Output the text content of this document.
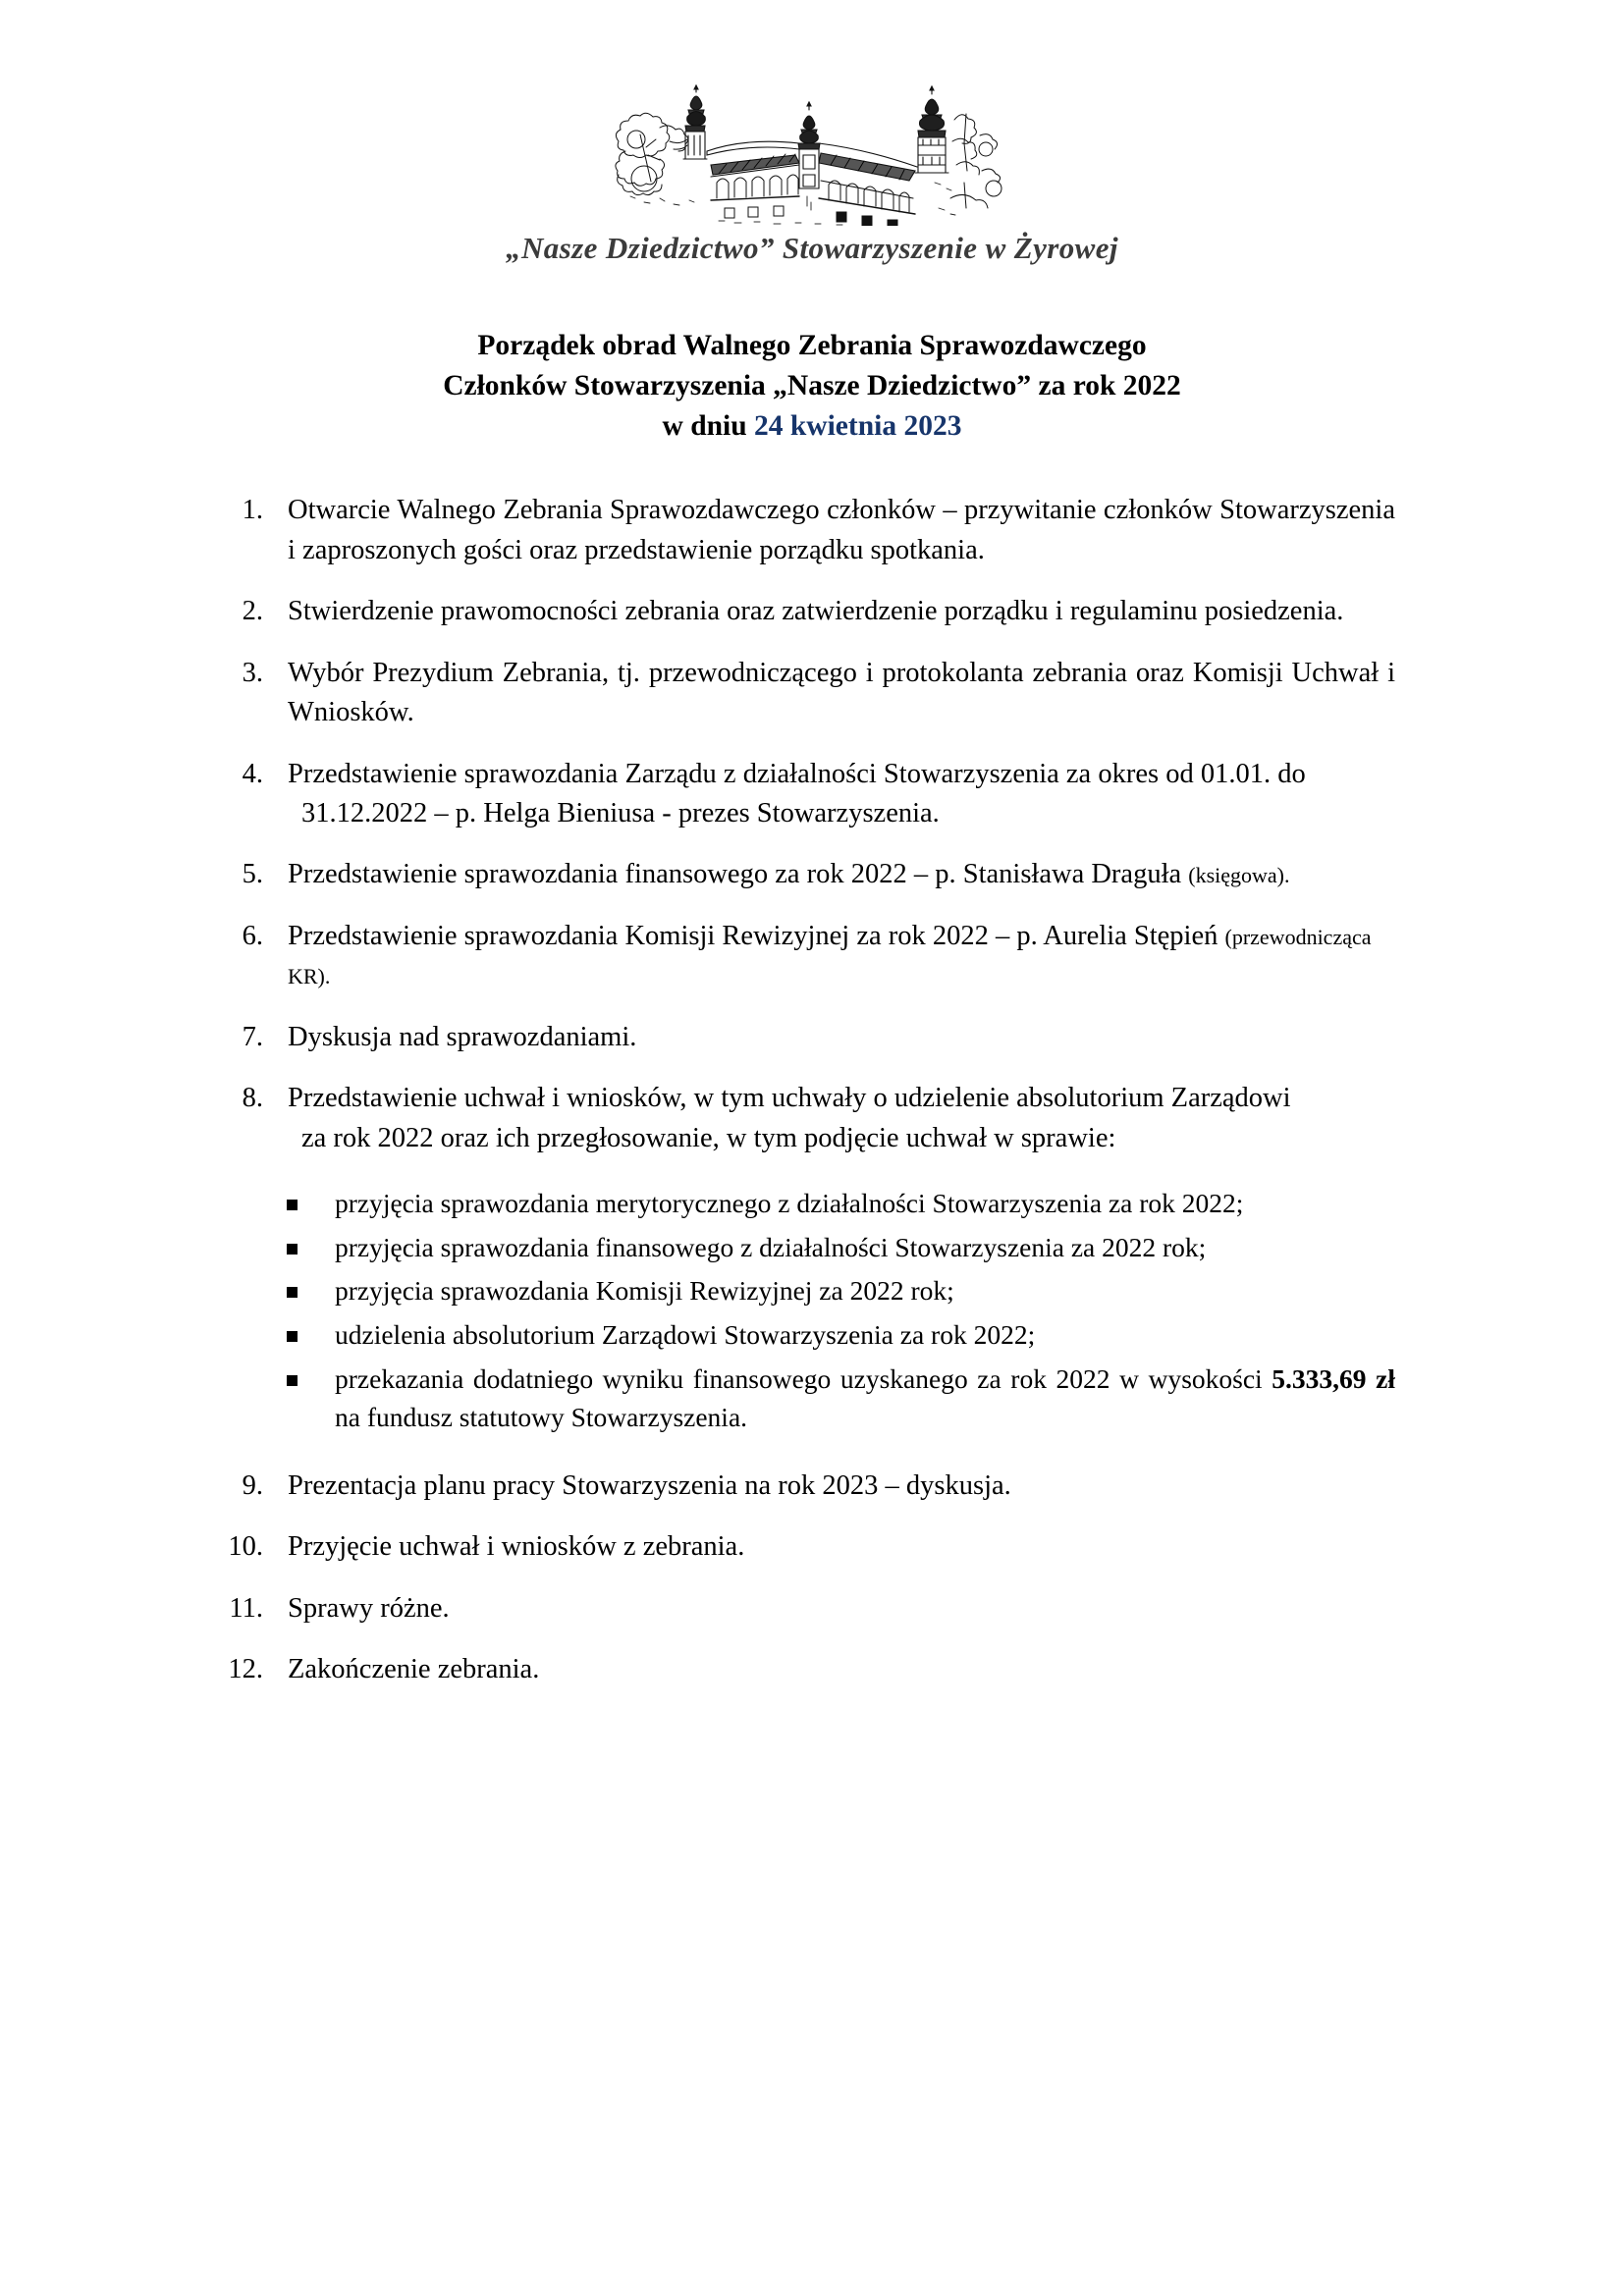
„Nasze Dziedzictwo” Stowarzyszenie w Żyrowej
Porządek obrad Walnego Zebrania Sprawozdawczego
Członków Stowarzyszenia „Nasze Dziedzictwo” za rok 2022
w dniu 24 kwietnia 2023
1. Otwarcie Walnego Zebrania Sprawozdawczego członków – przywitanie członków Stowarzyszenia i zaproszonych gości oraz przedstawienie porządku spotkania.
2. Stwierdzenie prawomocności zebrania oraz zatwierdzenie porządku i regulaminu posiedzenia.
3. Wybór Prezydium Zebrania, tj. przewodniczącego i protokolanta zebrania oraz Komisji Uchwał i Wniosków.
4. Przedstawienie sprawozdania Zarządu z działalności Stowarzyszenia za okres od 01.01. do
31.12.2022 – p. Helga Bieniusa - prezes Stowarzyszenia.
5. Przedstawienie sprawozdania finansowego za rok 2022 – p. Stanisława Draguła (księgowa).
6. Przedstawienie sprawozdania Komisji Rewizyjnej za rok 2022 – p. Aurelia Stępień (przewodnicząca KR).
7. Dyskusja nad sprawozdaniami.
8. Przedstawienie uchwał i wniosków, w tym uchwały o udzielenie absolutorium Zarządowi
za rok 2022 oraz ich przegłosowanie, w tym podjęcie uchwał w sprawie:
przyjęcia sprawozdania merytorycznego z działalności Stowarzyszenia za rok 2022;
przyjęcia sprawozdania finansowego z działalności Stowarzyszenia za 2022 rok;
przyjęcia sprawozdania Komisji Rewizyjnej za 2022 rok;
udzielenia absolutorium Zarządowi Stowarzyszenia za rok 2022;
przekazania dodatniego wyniku finansowego uzyskanego za rok 2022 w wysokości 5.333,69 zł na fundusz statutowy Stowarzyszenia.
9. Prezentacja planu pracy Stowarzyszenia na rok 2023 – dyskusja.
10. Przyjęcie uchwał i wniosków z zebrania.
11. Sprawy różne.
12. Zakończenie zebrania.
